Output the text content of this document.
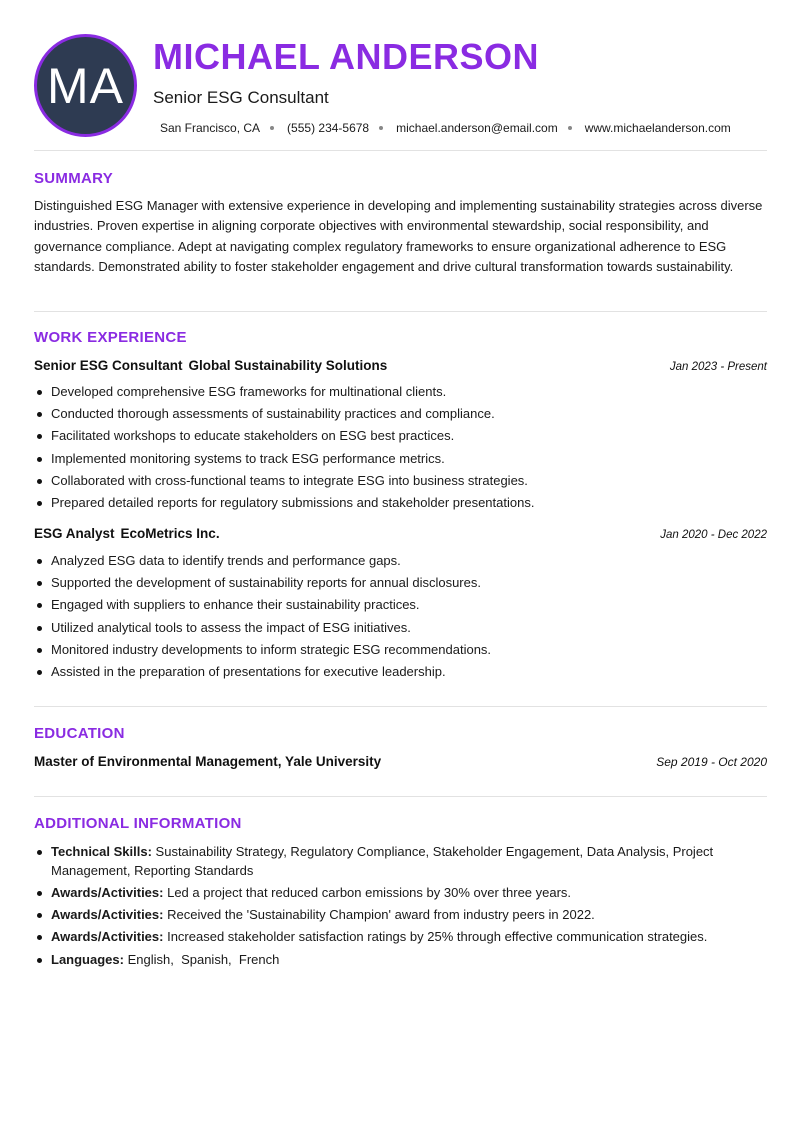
MA
MICHAEL ANDERSON
Senior ESG Consultant
San Francisco, CA (555) 234-5678 michael.anderson@email.com www.michaelanderson.com
SUMMARY

Distinguished ESG Manager with extensive experience in developing and implementing sustainability strategies across diverse industries. Proven expertise in aligning corporate objectives with environmental stewardship, social responsibility, and governance compliance. Adept at navigating complex regulatory frameworks to ensure organizational adherence to ESG standards. Demonstrated ability to foster stakeholder engagement and drive cultural transformation towards sustainability.

WORK EXPERIENCE
Senior ESG Consultant Global Sustainability Solutions	Jan 2023 - Present
Developed comprehensive ESG frameworks for multinational clients.
Conducted thorough assessments of sustainability practices and compliance.
Facilitated workshops to educate stakeholders on ESG best practices.
Implemented monitoring systems to track ESG performance metrics.
Collaborated with cross-functional teams to integrate ESG into business strategies.
Prepared detailed reports for regulatory submissions and stakeholder presentations.
ESG Analyst EcoMetrics Inc.	Jan 2020 - Dec 2022
Analyzed ESG data to identify trends and performance gaps.
Supported the development of sustainability reports for annual disclosures.
Engaged with suppliers to enhance their sustainability practices.
Utilized analytical tools to assess the impact of ESG initiatives.
Monitored industry developments to inform strategic ESG recommendations.
Assisted in the preparation of presentations for executive leadership.
EDUCATION
Master of Environmental Management, Yale University	Sep 2019 - Oct 2020
ADDITIONAL INFORMATION
Technical Skills: Sustainability Strategy, Regulatory Compliance, Stakeholder Engagement, Data Analysis, Project Management, Reporting Standards
Awards/Activities: Led a project that reduced carbon emissions by 30% over three years.
Awards/Activities: Received the 'Sustainability Champion' award from industry peers in 2022.
Awards/Activities: Increased stakeholder satisfaction ratings by 25% through effective communication strategies.
Languages: English,  Spanish,  French
